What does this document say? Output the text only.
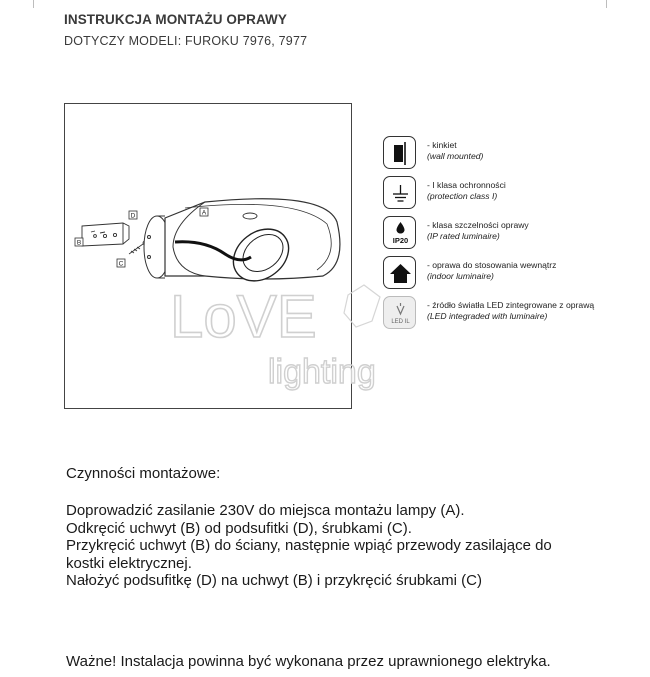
INSTRUKCJA MONTAŻU OPRAWY
DOTYCZY MODELI: FUROKU 7976, 7977
B
C
D	A
LoVE
lighting
- kinkiet
(wall mounted)
- I klasa ochronności
(protection class I)
IP20
- klasa szczelności oprawy
(IP rated luminaire)
- oprawa do stosowania wewnątrz
(indoor luminaire)
LED IL
- źródło światła LED zintegrowane z oprawą
(LED integraded with luminaire)
Czynności montażowe:
Doprowadzić zasilanie 230V do miejsca montażu lampy (A).
Odkręcić uchwyt (B) od podsufitki (D), śrubkami (C).
Przykręcić uchwyt (B) do ściany, następnie wpiąć przewody zasilające do
kostki elektrycznej.
Nałożyć podsufitkę (D) na uchwyt (B) i przykręcić śrubkami (C)
Ważne! Instalacja powinna być wykonana przez uprawnionego elektryka.
